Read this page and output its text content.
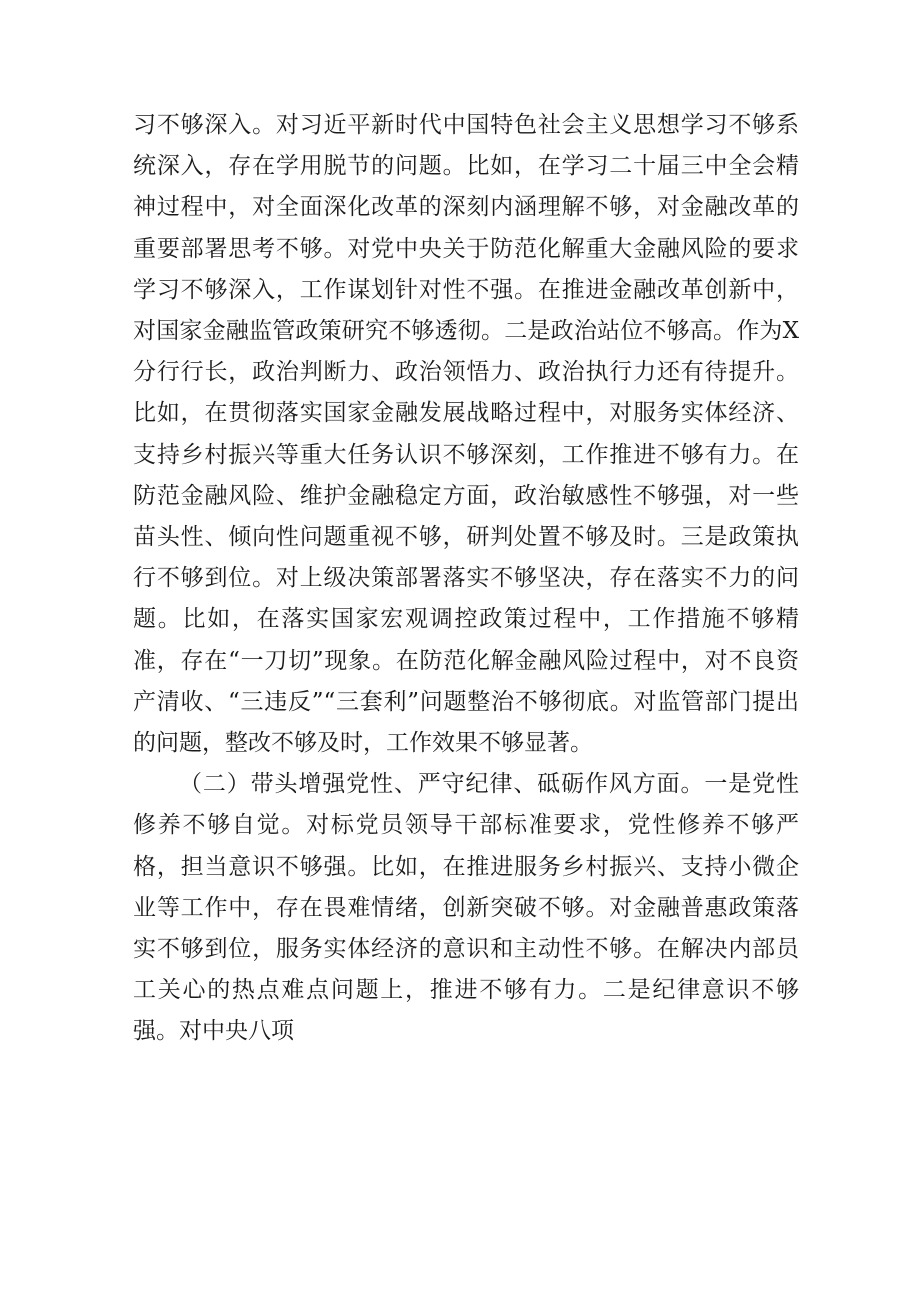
习不够深入。对习近平新时代中国特色社会主义思想学习不够系统深入，存在学用脱节的问题。比如，在学习二十届三中全会精神过程中，对全面深化改革的深刻内涵理解不够，对金融改革的重要部署思考不够。对党中央关于防范化解重大金融风险的要求学习不够深入，工作谋划针对性不强。在推进金融改革创新中，对国家金融监管政策研究不够透彻。二是政治站位不够高。作为X分行行长，政治判断力、政治领悟力、政治执行力还有待提升。比如，在贯彻落实国家金融发展战略过程中，对服务实体经济、支持乡村振兴等重大任务认识不够深刻，工作推进不够有力。在防范金融风险、维护金融稳定方面，政治敏感性不够强，对一些苗头性、倾向性问题重视不够，研判处置不够及时。三是政策执行不够到位。对上级决策部署落实不够坚决，存在落实不力的问题。比如，在落实国家宏观调控政策过程中，工作措施不够精准，存在“一刀切”现象。在防范化解金融风险过程中，对不良资产清收、“三违反”“三套利”问题整治不够彻底。对监管部门提出的问题，整改不够及时，工作效果不够显著。

（二）带头增强党性、严守纪律、砥砺作风方面。一是党性修养不够自觉。对标党员领导干部标准要求，党性修养不够严格，担当意识不够强。比如，在推进服务乡村振兴、支持小微企业等工作中，存在畏难情绪，创新突破不够。对金融普惠政策落实不够到位，服务实体经济的意识和主动性不够。在解决内部员工关心的热点难点问题上，推进不够有力。二是纪律意识不够强。对中央八项
